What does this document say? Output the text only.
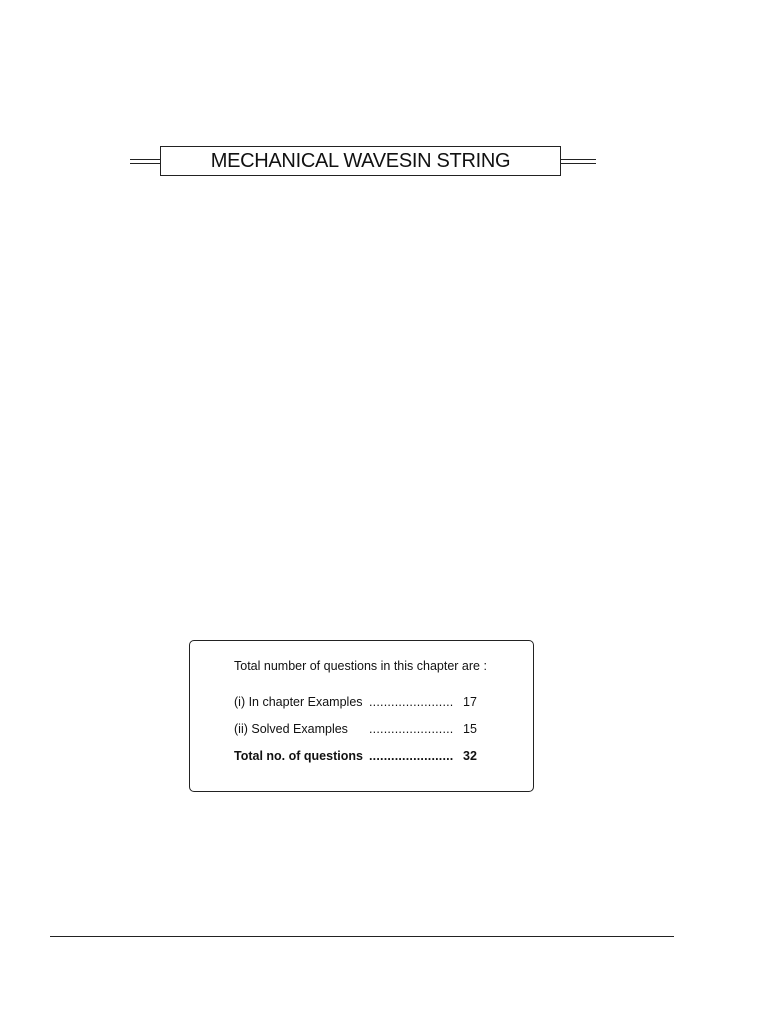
MECHANICAL WAVESIN STRING
Total number of questions in this chapter are :
(i) In chapter Examples ....................... 17
(ii) Solved Examples ....................... 15
Total no. of questions ....................... 32
